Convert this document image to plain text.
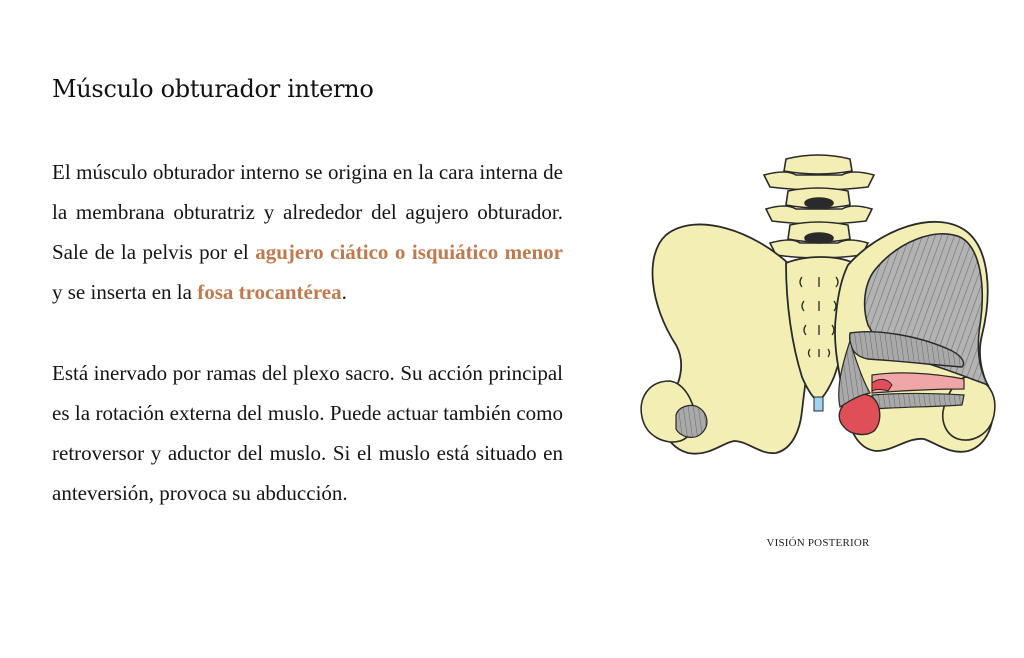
Músculo obturador interno

El músculo obturador interno se origina en la cara interna de la membrana obturatriz y alrededor del agujero obturador. Sale de la pelvis por el agujero ciático o isquiático menor y se inserta en la fosa trocantérea.

Está inervado por ramas del plexo sacro. Su acción principal es la rotación externa del muslo. Puede actuar también como retroversor y aductor del muslo. Si el muslo está situado en anteversión, provoca su abducción.

VISIÓN POSTERIOR
